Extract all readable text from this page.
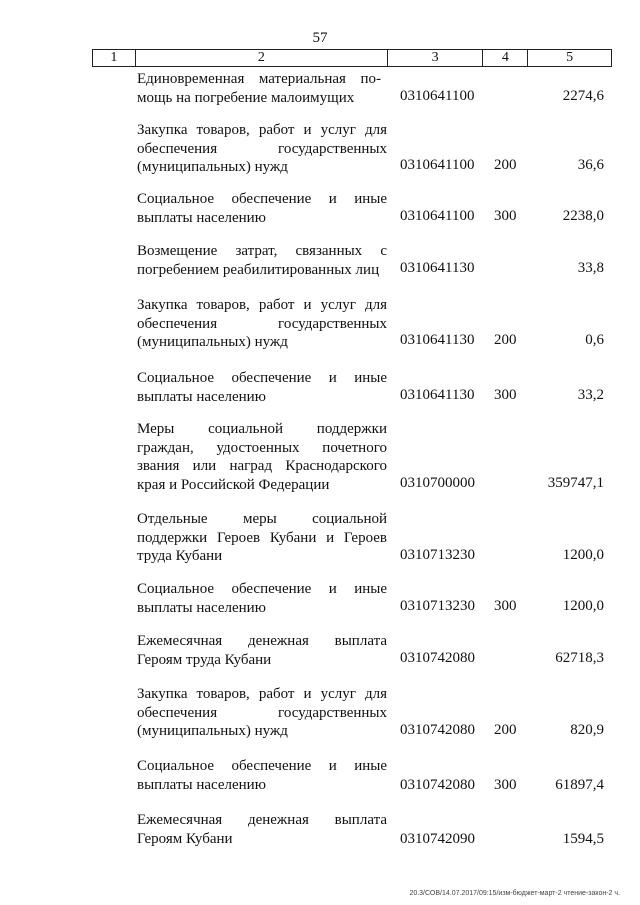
57
1	2	3	4	5
Единовременная материальная по-мощь на погребение малоимущих	0310641100	2274,6
Закупка товаров, работ и услуг для обеспечения государственных (муниципальных) нужд	0310641100 200	36,6
Социальное обеспечение и иные выплаты населению	0310641100 300	2238,0
Возмещение затрат, связанных с погребением реабилитированных лиц	0310641130	33,8
Закупка товаров, работ и услуг для обеспечения государственных (муниципальных) нужд	0310641130 200	0,6
Социальное обеспечение и иные выплаты населению	0310641130 300	33,2
Меры социальной поддержки граждан, удостоенных почетного звания или наград Краснодарского края и Российской Федерации	0310700000	359747,1
Отдельные меры социальной поддержки Героев Кубани и Героев труда Кубани	0310713230	1200,0
Социальное обеспечение и иные выплаты населению	0310713230 300	1200,0
Ежемесячная денежная выплата Героям труда Кубани	0310742080	62718,3
Закупка товаров, работ и услуг для обеспечения государственных (муниципальных) нужд	0310742080 200	820,9
Социальное обеспечение и иные выплаты населению	0310742080 300	61897,4
Ежемесячная денежная выплата Героям Кубани	0310742090	1594,5
20.3/СОВ/14.07.2017/09:15/изм-бюджет-март-2 чтение-закон-2 ч.
